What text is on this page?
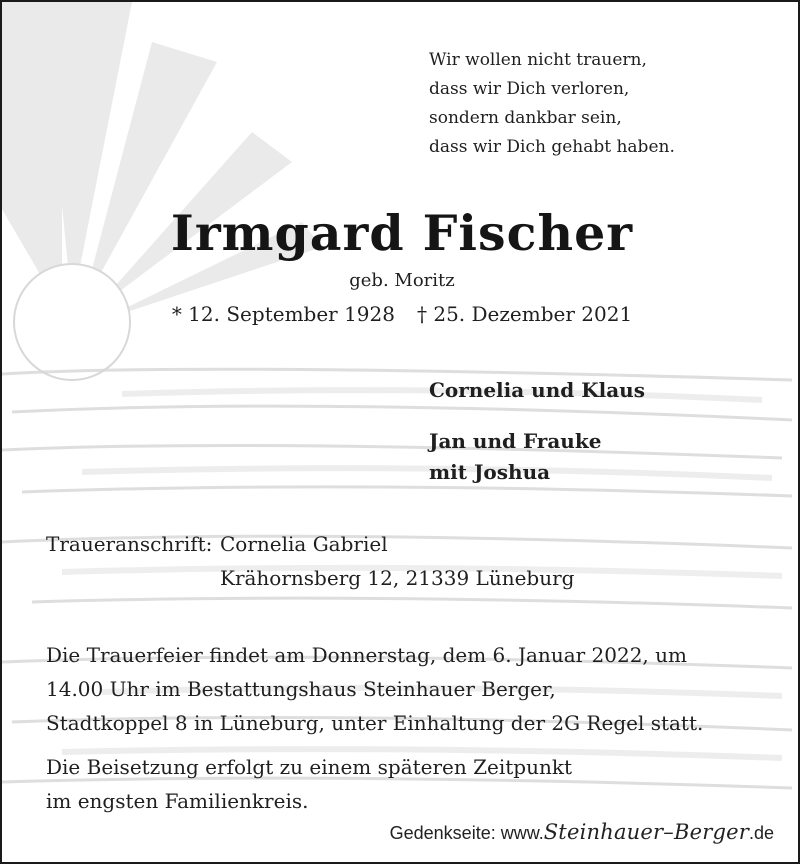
Wir wollen nicht trauern,
dass wir Dich verloren,
sondern dankbar sein,
dass wir Dich gehabt haben.
Irmgard Fischer
geb. Moritz
* 12. September 1928 † 25. Dezember 2021
Cornelia und Klaus
Jan und Frauke
mit Joshua
Traueranschrift: Cornelia Gabriel
Krähornsberg 12, 21339 Lüneburg
Die Trauerfeier findet am Donnerstag, dem 6. Januar 2022, um
14.00 Uhr im Bestattungshaus Steinhauer Berger,
Stadtkoppel 8 in Lüneburg, unter Einhaltung der 2G Regel statt.
Die Beisetzung erfolgt zu einem späteren Zeitpunkt
im engsten Familienkreis.
Gedenkseite: www.Steinhauer–Berger.de
